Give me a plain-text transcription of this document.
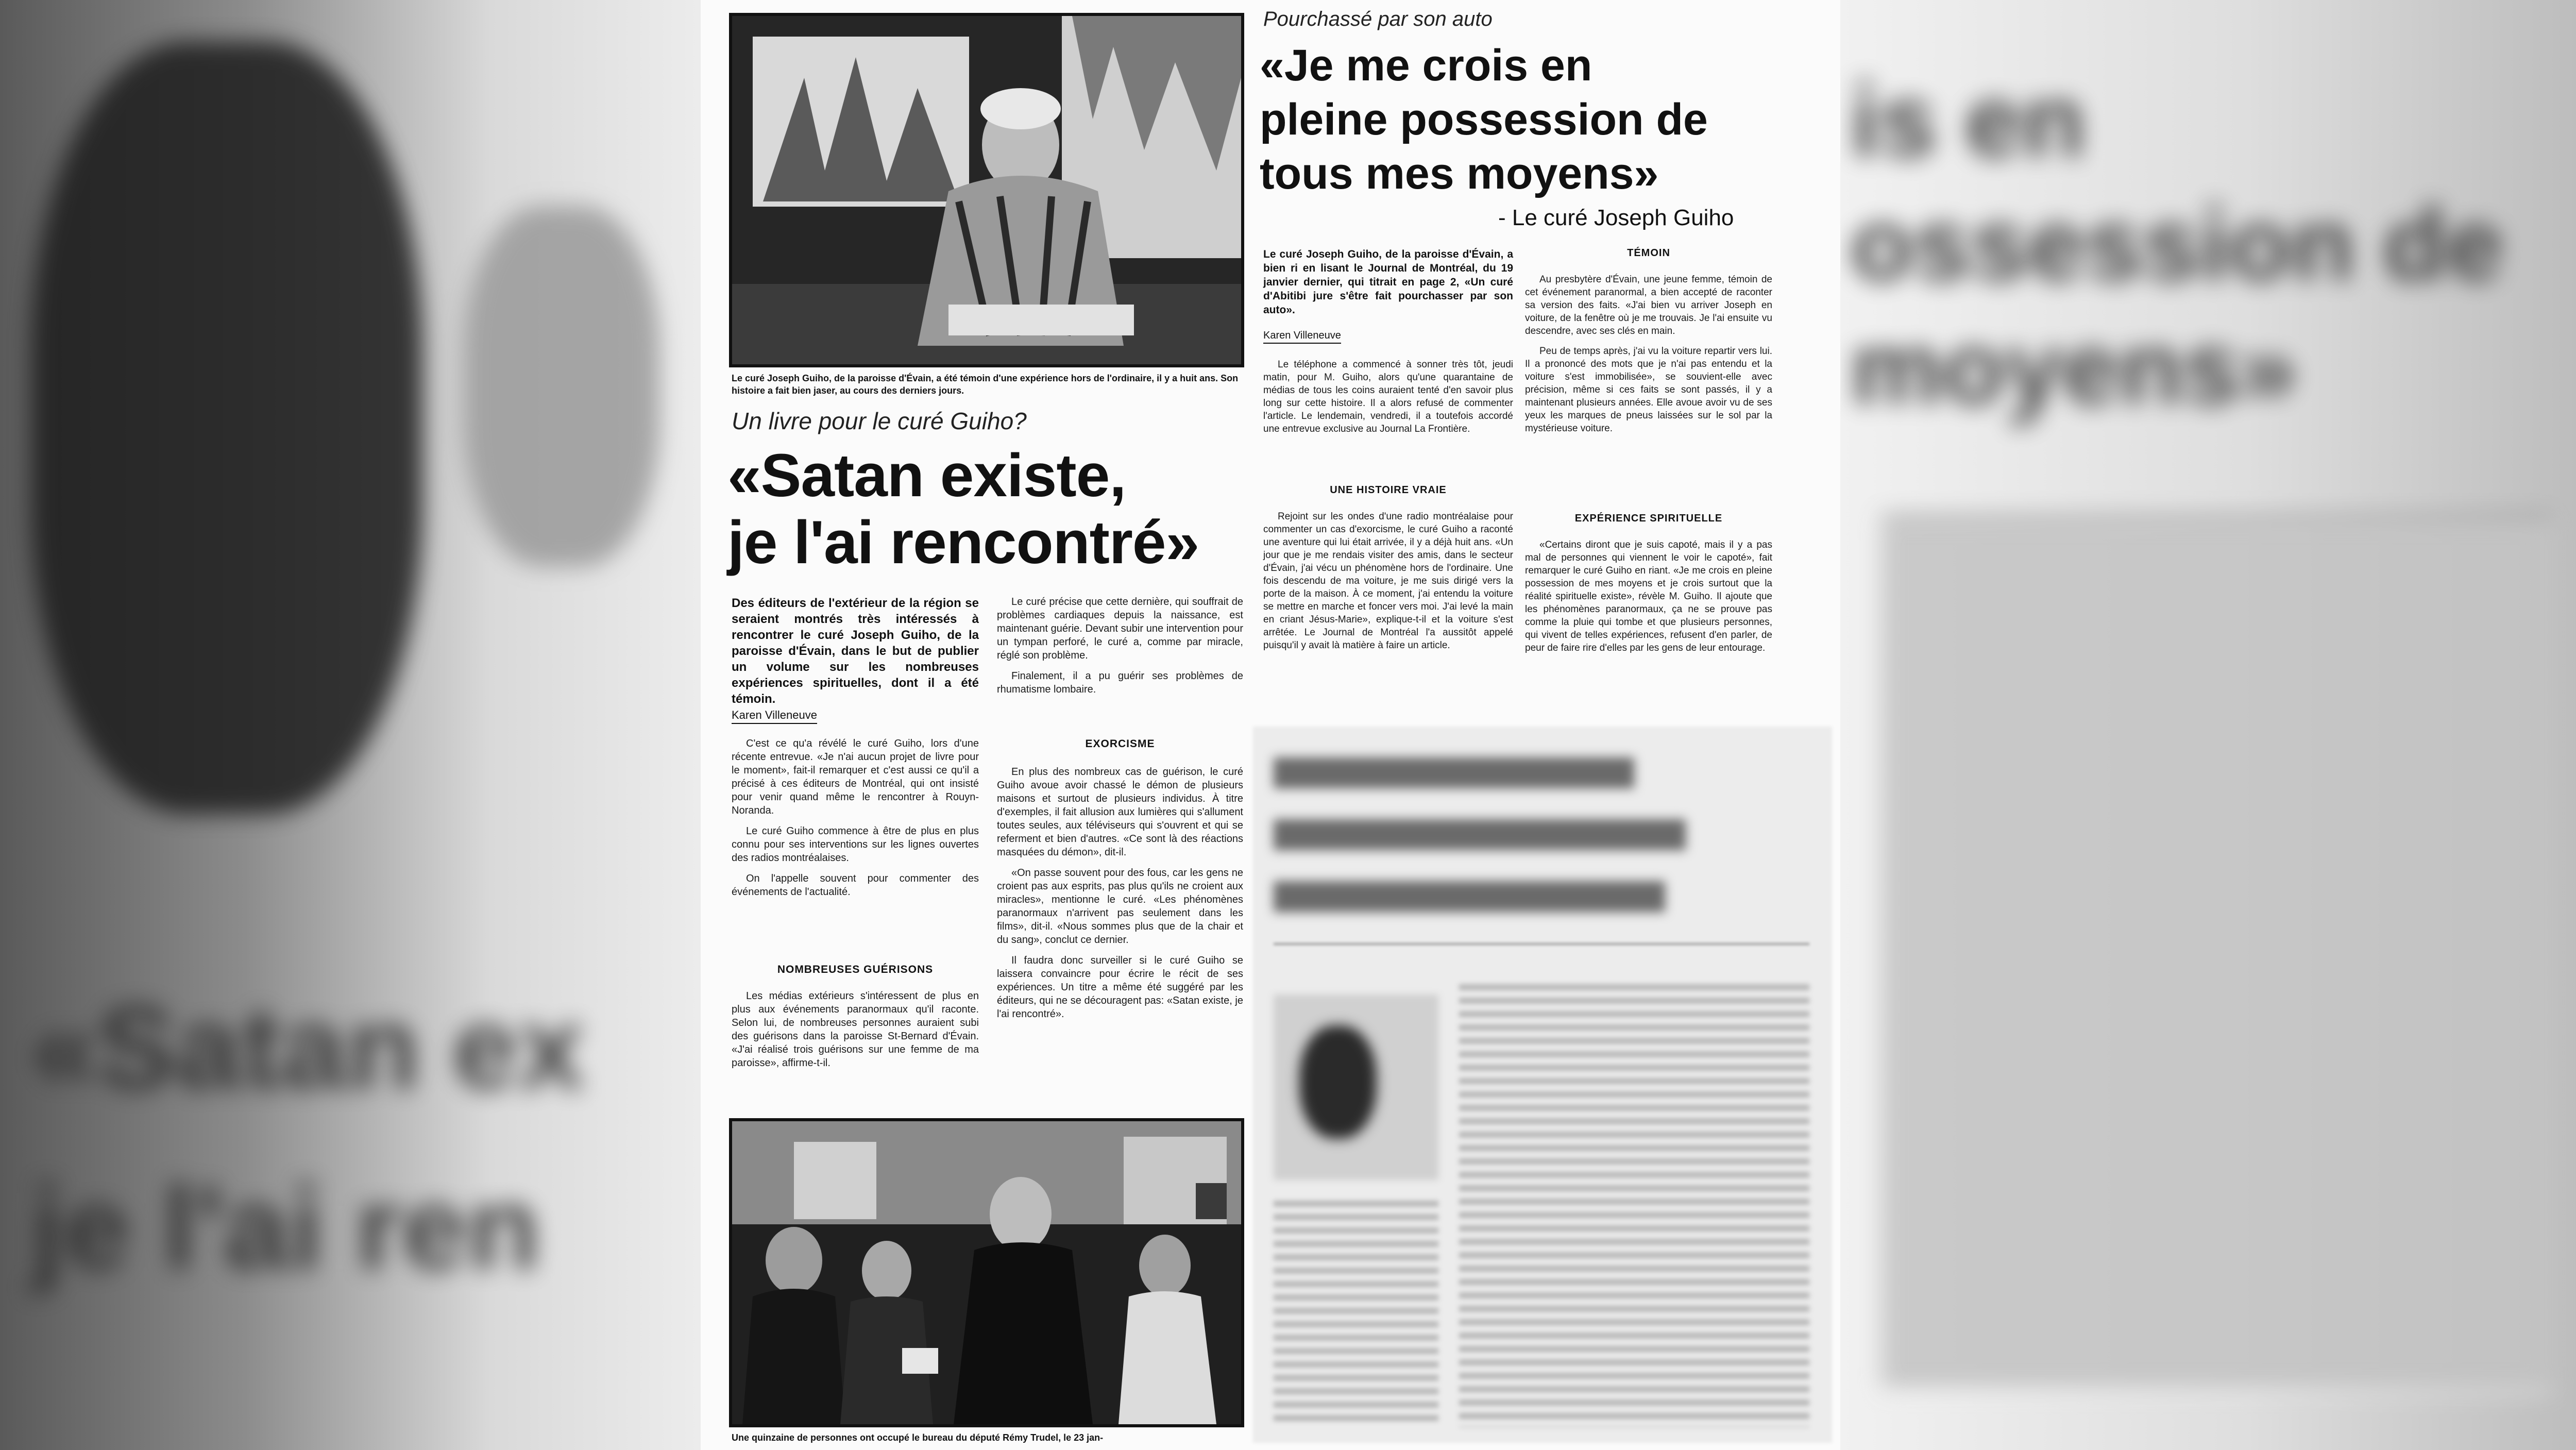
«Satan ex
je l'ai ren
is en
ossession de
moyens»
Le curé Joseph Guiho, de la paroisse d'Évain, a été témoin d'une expérience hors de l'ordinaire, il y a huit ans. Son histoire a fait bien jaser, au cours des derniers jours.
Un livre pour le curé Guiho?
«Satan existe,
je l'ai rencontré»
Des éditeurs de l'extérieur de la région se seraient montrés très intéressés à rencontrer le curé Joseph Guiho, de la paroisse d'Évain, dans le but de publier un volume sur les nombreuses expériences spirituelles, dont il a été témoin.
Karen Villeneuve

C'est ce qu'a révélé le curé Guiho, lors d'une récente entrevue. «Je n'ai aucun projet de livre pour le moment», fait-il remarquer et c'est aussi ce qu'il a précisé à ces éditeurs de Montréal, qui ont insisté pour venir quand même le rencontrer à Rouyn-Noranda.

Le curé Guiho commence à être de plus en plus connu pour ses interventions sur les lignes ouvertes des radios montréalaises.

On l'appelle souvent pour commenter des événements de l'actualité.

NOMBREUSES GUÉRISONS

Les médias extérieurs s'intéressent de plus en plus aux événements paranormaux qu'il raconte. Selon lui, de nombreuses personnes auraient subi des guérisons dans la paroisse St-Bernard d'Évain. «J'ai réalisé trois guérisons sur une femme de ma paroisse», affirme-t-il.

Le curé précise que cette dernière, qui souffrait de problèmes cardiaques depuis la naissance, est maintenant guérie. Devant subir une intervention pour un tympan perforé, le curé a, comme par miracle, réglé son problème.

Finalement, il a pu guérir ses problèmes de rhumatisme lombaire.

EXORCISME

En plus des nombreux cas de guérison, le curé Guiho avoue avoir chassé le démon de plusieurs maisons et surtout de plusieurs individus. À titre d'exemples, il fait allusion aux lumières qui s'allument toutes seules, aux téléviseurs qui s'ouvrent et qui se referment et bien d'autres. «Ce sont là des réactions masquées du démon», dit-il.

«On passe souvent pour des fous, car les gens ne croient pas aux esprits, pas plus qu'ils ne croient aux miracles», mentionne le curé. «Les phénomènes paranormaux n'arrivent pas seulement dans les films», dit-il. «Nous sommes plus que de la chair et du sang», conclut ce dernier.

Il faudra donc surveiller si le curé Guiho se laissera convaincre pour écrire le récit de ses expériences. Un titre a même été suggéré par les éditeurs, qui ne se découragent pas: «Satan existe, je l'ai rencontré».

Une quinzaine de personnes ont occupé le bureau du député Rémy Trudel, le 23 jan-
Pourchassé par son auto
«Je me crois en
pleine possession de
tous mes moyens»
- Le curé Joseph Guiho
Le curé Joseph Guiho, de la paroisse d'Évain, a bien ri en lisant le Journal de Montréal, du 19 janvier dernier, qui titrait en page 2, «Un curé d'Abitibi jure s'être fait pourchasser par son auto».
Karen Villeneuve

Le téléphone a commencé à sonner très tôt, jeudi matin, pour M. Guiho, alors qu'une quarantaine de médias de tous les coins auraient tenté d'en savoir plus long sur cette histoire. Il a alors refusé de commenter l'article. Le lendemain, vendredi, il a toutefois accordé une entrevue exclusive au Journal La Frontière.

UNE HISTOIRE VRAIE

Rejoint sur les ondes d'une radio montréalaise pour commenter un cas d'exorcisme, le curé Guiho a raconté une aventure qui lui était arrivée, il y a déjà huit ans. «Un jour que je me rendais visiter des amis, dans le secteur d'Évain, j'ai vécu un phénomène hors de l'ordinaire. Une fois descendu de ma voiture, je me suis dirigé vers la porte de la maison. À ce moment, j'ai entendu la voiture se mettre en marche et foncer vers moi. J'ai levé la main en criant Jésus-Marie», explique-t-il et la voiture s'est arrêtée. Le Journal de Montréal l'a aussitôt appelé puisqu'il y avait là matière à faire un article.

TÉMOIN

Au presbytère d'Évain, une jeune femme, témoin de cet événement paranormal, a bien accepté de raconter sa version des faits. «J'ai bien vu arriver Joseph en voiture, de la fenêtre où je me trouvais. Je l'ai ensuite vu descendre, avec ses clés en main.

Peu de temps après, j'ai vu la voiture repartir vers lui. Il a prononcé des mots que je n'ai pas entendu et la voiture s'est immobilisée», se souvient-elle avec précision, même si ces faits se sont passés, il y a maintenant plusieurs années. Elle avoue avoir vu de ses yeux les marques de pneus laissées sur le sol par la mystérieuse voiture.

EXPÉRIENCE SPIRITUELLE

«Certains diront que je suis capoté, mais il y a pas mal de personnes qui viennent le voir le capoté», fait remarquer le curé Guiho en riant. «Je me crois en pleine possession de mes moyens et je crois surtout que la réalité spirituelle existe», révèle M. Guiho. Il ajoute que les phénomènes paranormaux, ça ne se prouve pas comme la pluie qui tombe et que plusieurs personnes, qui vivent de telles expériences, refusent d'en parler, de peur de faire rire d'elles par les gens de leur entourage.
